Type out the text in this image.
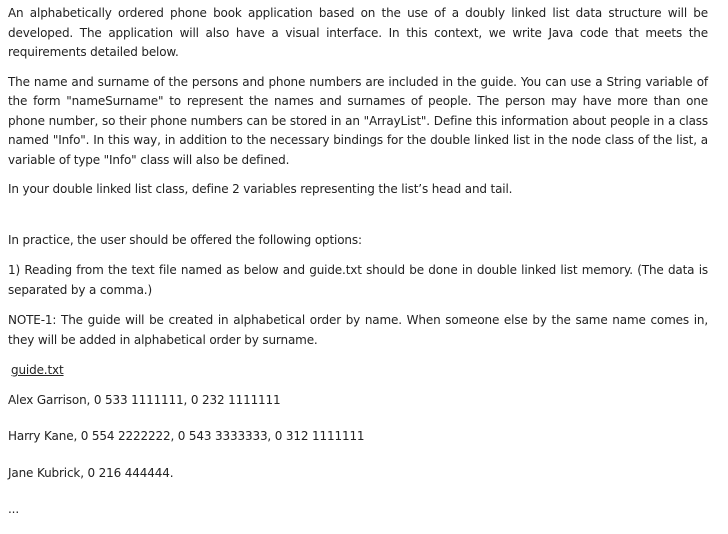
An alphabetically ordered phone book application based on the use of a doubly linked list data structure will be developed. The application will also have a visual interface. In this context, we write Java code that meets the requirements detailed below.

The name and surname of the persons and phone numbers are included in the guide. You can use a String variable of the form "nameSurname" to represent the names and surnames of people. The person may have more than one phone number, so their phone numbers can be stored in an "ArrayList". Define this information about people in a class named "Info". In this way, in addition to the necessary bindings for the double linked list in the node class of the list, a variable of type "Info" class will also be defined.

In your double linked list class, define 2 variables representing the list’s head and tail.

In practice, the user should be offered the following options:

1) Reading from the text file named as below and guide.txt should be done in double linked list memory. (The data is separated by a comma.)

NOTE-1: The guide will be created in alphabetical order by name. When someone else by the same name comes in, they will be added in alphabetical order by surname.

guide.txt

Alex Garrison, 0 533 1111111, 0 232 1111111

Harry Kane, 0 554 2222222, 0 543 3333333, 0 312 1111111

Jane Kubrick, 0 216 444444.

...
